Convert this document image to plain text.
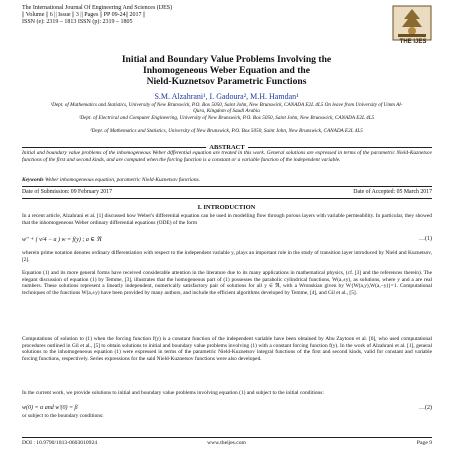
The International Journal Of Engineering And Sciences (IJES)
|| Volume || 6 || Issue || 3 || Pages || PP 09-24|| 2017 ||
ISSN (e): 2319 – 1813 ISSN (p): 2319 – 1805
THE IJES
Initial and Boundary Value Problems Involving the
Inhomogeneous Weber Equation and the
Nield-Kuznetsov Parametric Functions
S.M. Alzahrani¹, I. Gadoura², M.H. Hamdan¹
¹Dept. of Mathematics and Statistics, University of New Brunswick, P.O. Box 5050, Saint John, New Brunswick, CANADA E2L 4L5 On leave from University of Umm Al-Qura, Kingdom of Saudi Arabia
²Dept. of Electrical and Computer Engineering, University of New Brunswick, P.O. Box 5050, Saint John, New Brunswick, CANADA E2L 4L5
¹Dept. of Mathematics and Statistics, University of New Brunswick, P.O. Box 5050, Saint John, New Brunswick, CANADA E2L 4L5
ABSTRACT
Initial and boundary value problems of the inhomogeneous Weber differential equation are treated in this work. General solutions are expressed in terms of the parametric Nield-Kuznetsov functions of the first and second kinds, and are computed when the forcing function is a constant or a variable function of the independent variable.
Keywords Weber inhomogeneous equation, parametric Nield-Kuznetsov functions.
Date of Submission: 09 February 2017	Date of Accepted: 05 March 2017
I. INTRODUCTION
In a recent article, Alzahrani et al. [1] discussed how Weber's differential equation can be used in modelling flow through porous layers with variable permeability. In particular, they showed that the inhomogeneous Weber ordinary differential equations (ODE) of the form
w'' + ( ν/4 − a ) w = f(y) ; a ∈ ℜ	…(1)
wherein prime notation denotes ordinary differentiation with respect to the independent variable y, plays an important role in the study of transition layer introduced by Nield and Kuznetsov, [2].
Equation (1) and its more general forms have received considerable attention in the literature due to its many applications in mathematical physics, (cf. [3] and the references therein). The elegant discussion of equation (1) by Temme, [3], illustrates that the homogeneous part of (1) possesses the parabolic cylindrical functions, W(a,±y), as solutions, where y and a are real numbers. These solutions represent a linearly independent, numerically satisfactory pair of solutions for all y ∈ ℜ, with a Wronskian given by W{W(a,y),W(a,−y)}=1. Computational techniques of the functions W(a,±y) have been provided by many authors, and include the efficient algorithms developed by Temme, [4], and Gil et al., [5].
Computations of solution to (1) when the forcing function f(y) is a constant function of the independent variable have been obtained by Abu Zaytoon et al. [6], who used computational procedures outlined in Gil et al., [5] to obtain solutions to initial and boundary value problems involving (1) with a constant forcing function f(y). In the work of Alzahrani et al. [1], general solutions to the inhomogeneous equation (1) were expressed in terms of the parametric Nield-Kuznetsov integral functions of the first and second kinds, valid for constant and variable forcing functions, respectively. Series expressions for the said Nield-Kuznetsov functions were also developed.
In the current work, we provide solutions to initial and boundary value problems involving equation (1) and subject to the initial conditions:
w(0) = α and w'(0) = β	…(2)
or subject to the boundary conditions:
DOI : 10.9790/1813-0603010924	www.theijes.com	Page 9
